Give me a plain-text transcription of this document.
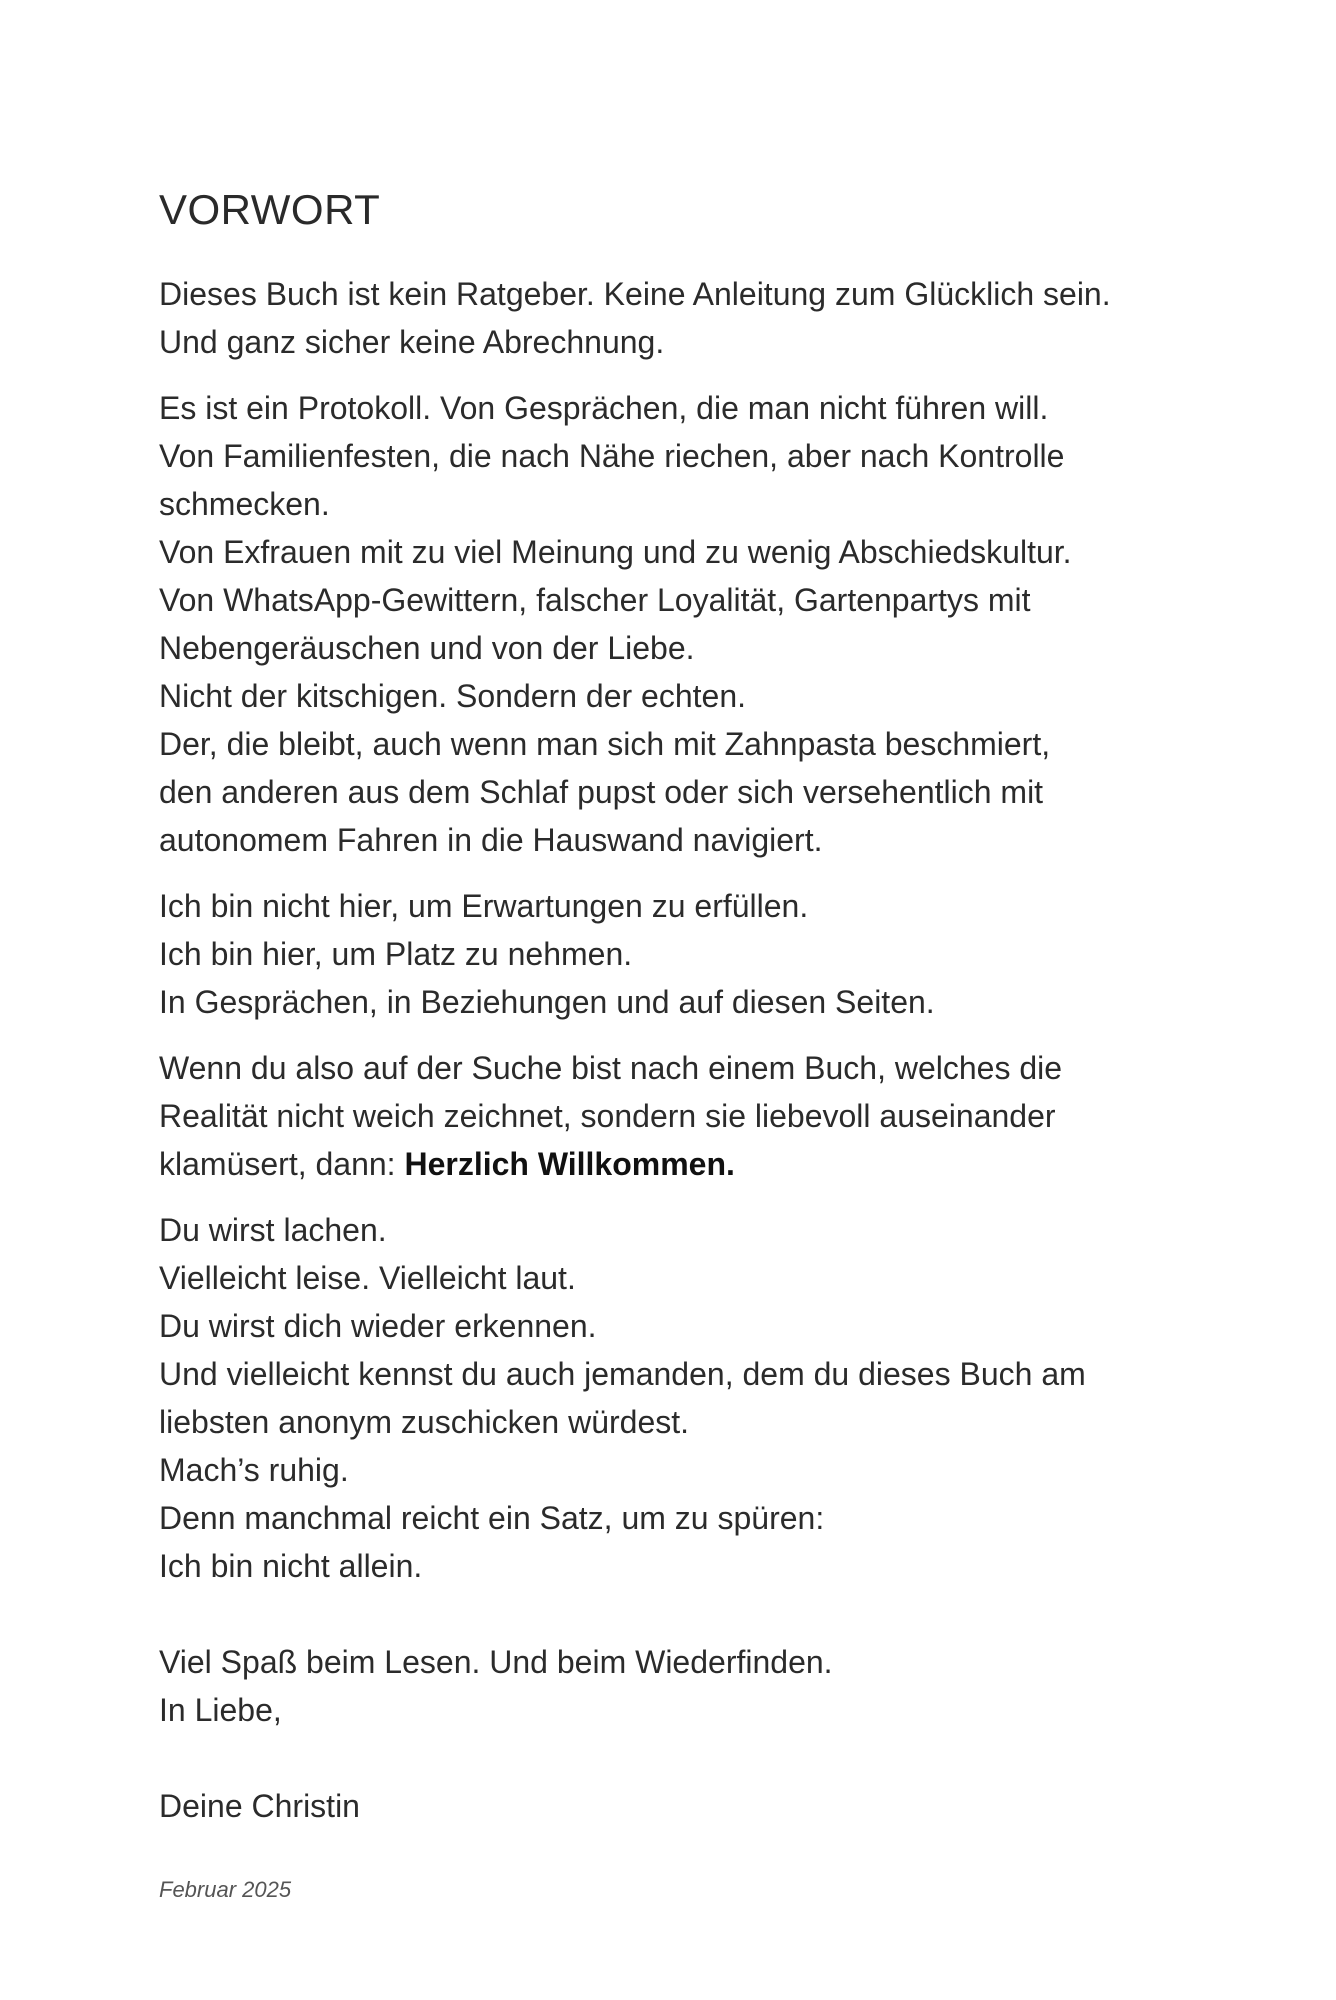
VORWORT
Dieses Buch ist kein Ratgeber. Keine Anleitung zum Glücklich sein.
Und ganz sicher keine Abrechnung.
Es ist ein Protokoll. Von Gesprächen, die man nicht führen will.
Von Familienfesten, die nach Nähe riechen, aber nach Kontrolle
schmecken.
Von Exfrauen mit zu viel Meinung und zu wenig Abschiedskultur.
Von WhatsApp-Gewittern, falscher Loyalität, Gartenpartys mit
Nebengeräuschen und von der Liebe.
Nicht der kitschigen. Sondern der echten.
Der, die bleibt, auch wenn man sich mit Zahnpasta beschmiert,
den anderen aus dem Schlaf pupst oder sich versehentlich mit
autonomem Fahren in die Hauswand navigiert.
Ich bin nicht hier, um Erwartungen zu erfüllen.
Ich bin hier, um Platz zu nehmen.
In Gesprächen, in Beziehungen und auf diesen Seiten.
Wenn du also auf der Suche bist nach einem Buch, welches die
Realität nicht weich zeichnet, sondern sie liebevoll auseinander
klamüsert, dann: Herzlich Willkommen.
Du wirst lachen.
Vielleicht leise. Vielleicht laut.
Du wirst dich wieder erkennen.
Und vielleicht kennst du auch jemanden, dem du dieses Buch am
liebsten anonym zuschicken würdest.
Mach’s ruhig.
Denn manchmal reicht ein Satz, um zu spüren:
Ich bin nicht allein.
Viel Spaß beim Lesen. Und beim Wiederfinden.
In Liebe,

Deine Christin

Februar 2025
